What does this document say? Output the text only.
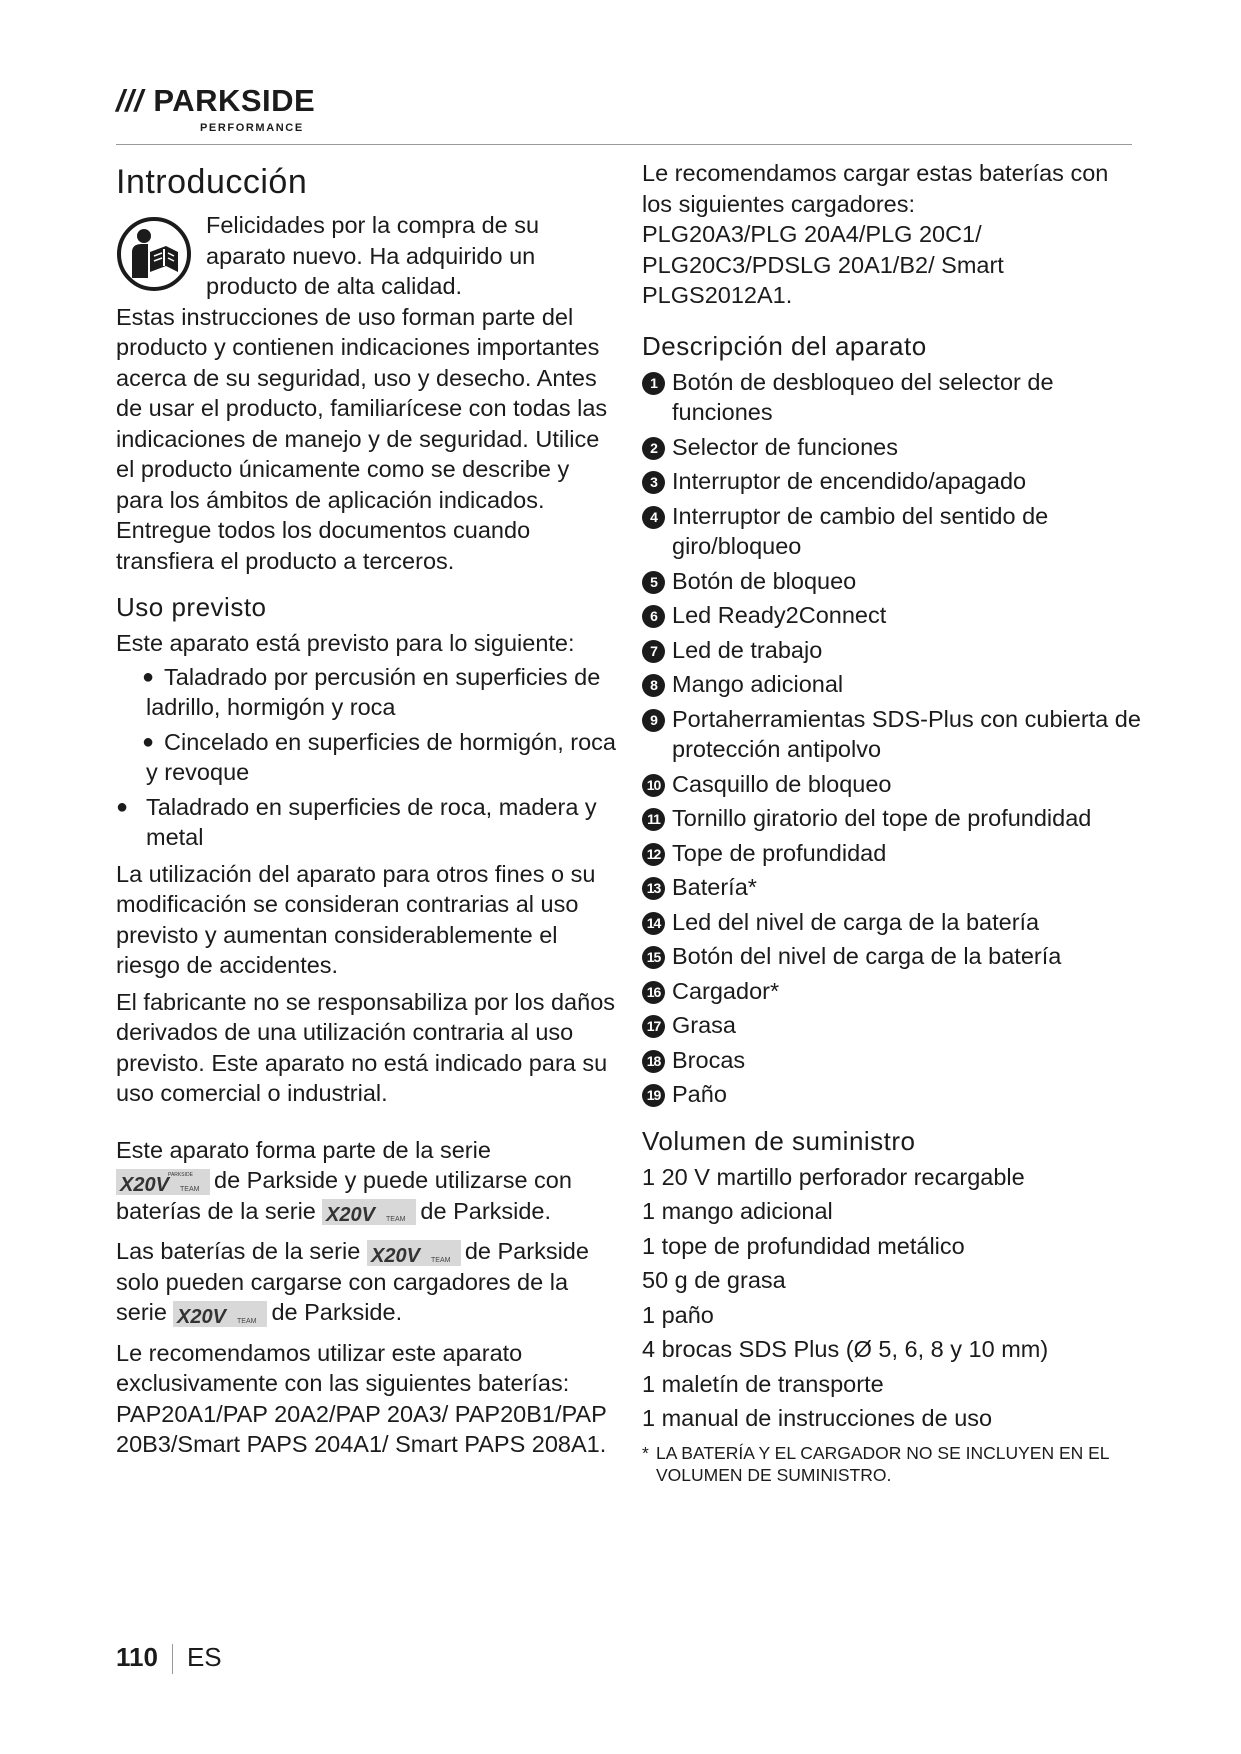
/// PARKSIDE
PERFORMANCE
Introducción

Felicidades por la compra de su aparato nuevo. Ha adquirido un producto de alta calidad.

Estas instrucciones de uso forman parte del producto y contienen indicaciones importantes acerca de su seguridad, uso y desecho. Antes de usar el producto, familiarícese con todas las indicaciones de manejo y de seguridad. Utilice el producto únicamente como se describe y para los ámbitos de aplicación indicados. Entregue todos los documentos cuando transfiera el producto a terceros.

Uso previsto

Este aparato está previsto para lo siguiente:

● Taladrado por percusión en superficies de ladrillo, hormigón y roca

● Cincelado en superficies de hormigón, roca y revoque

● Taladrado en superficies de roca, madera y metal

La utilización del aparato para otros fines o su modificación se consideran contrarias al uso previsto y aumentan considerablemente el riesgo de accidentes.

El fabricante no se responsabiliza por los daños derivados de una utilización contraria al uso previsto. Este aparato no está indicado para su uso comercial o industrial.

Este aparato forma parte de la serie

X20V PARKSIDE
TEAM de Parkside y puede utilizarse con baterías de la serie X20V TEAM de Parkside.

Las baterías de la serie X20V TEAM de Parkside solo pueden cargarse con cargadores de la serie X20V TEAM de Parkside.

Le recomendamos utilizar este aparato exclusivamente con las siguientes baterías:

PAP20A1/PAP 20A2/PAP 20A3/ PAP20B1/PAP 20B3/Smart PAPS 204A1/ Smart PAPS 208A1.

Le recomendamos cargar estas baterías con los siguientes cargadores:

PLG20A3/PLG 20A4/PLG 20C1/ PLG20C3/PDSLG 20A1/B2/ Smart PLGS2012A1.

Descripción del aparato

1 Botón de desbloqueo del selector de funciones

2 Selector de funciones

3 Interruptor de encendido/apagado

4 Interruptor de cambio del sentido de giro/bloqueo

5 Botón de bloqueo

6 Led Ready2Connect

7 Led de trabajo

8 Mango adicional

9 Portaherramientas SDS-Plus con cubierta de protección antipolvo

10 Casquillo de bloqueo

11 Tornillo giratorio del tope de profundidad

12 Tope de profundidad

13 Batería*

14 Led del nivel de carga de la batería

15 Botón del nivel de carga de la batería

16 Cargador*

17 Grasa

18 Brocas

19 Paño

Volumen de suministro

1 20 V martillo perforador recargable

1 mango adicional

1 tope de profundidad metálico

50 g de grasa

1 paño

4 brocas SDS Plus (Ø 5, 6, 8 y 10 mm)

1 maletín de transporte

1 manual de instrucciones de uso

* LA BATERÍA Y EL CARGADOR NO SE INCLUYEN EN EL VOLUMEN DE SUMINISTRO.

110 ES
